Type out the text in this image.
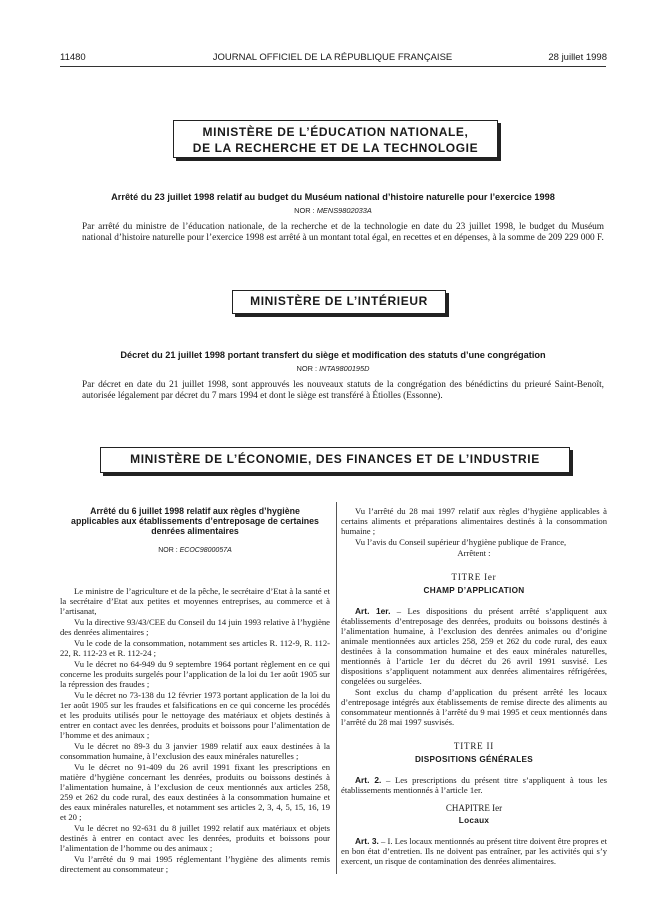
11480	JOURNAL OFFICIEL DE LA RÉPUBLIQUE FRANÇAISE	28 juillet 1998
MINISTÈRE DE L’ÉDUCATION NATIONALE,
DE LA RECHERCHE ET DE LA TECHNOLOGIE
Arrêté du 23 juillet 1998 relatif au budget du Muséum national d’histoire naturelle pour l’exercice 1998
NOR : MENS9802033A
Par arrêté du ministre de l’éducation nationale, de la recherche et de la technologie en date du 23 juillet 1998, le budget du Muséum national d’histoire naturelle pour l’exercice 1998 est arrêté à un montant total égal, en recettes et en dépenses, à la somme de 209 229 000 F.
MINISTÈRE DE L’INTÉRIEUR
Décret du 21 juillet 1998 portant transfert du siège et modification des statuts d’une congrégation
NOR : INTA9800195D
Par décret en date du 21 juillet 1998, sont approuvés les nouveaux statuts de la congrégation des bénédictins du prieuré Saint-Benoît, autorisée légalement par décret du 7 mars 1994 et dont le siège est transféré à Étiolles (Essonne).
MINISTÈRE DE L’ÉCONOMIE, DES FINANCES ET DE L’INDUSTRIE
Arrêté du 6 juillet 1998 relatif aux règles d’hygiène applicables aux établissements d’entreposage de certaines denrées alimentaires
NOR : ECOC9800057A

Le ministre de l’agriculture et de la pêche, le secrétaire d’Etat à la santé et la secrétaire d’Etat aux petites et moyennes entreprises, au commerce et à l’artisanat,

Vu la directive 93/43/CEE du Conseil du 14 juin 1993 relative à l’hygiène des denrées alimentaires ;

Vu le code de la consommation, notamment ses articles R. 112-9, R. 112-22, R. 112-23 et R. 112-24 ;

Vu le décret no 64-949 du 9 septembre 1964 portant règlement en ce qui concerne les produits surgelés pour l’application de la loi du 1er août 1905 sur la répression des fraudes ;

Vu le décret no 73-138 du 12 février 1973 portant application de la loi du 1er août 1905 sur les fraudes et falsifications en ce qui concerne les procédés et les produits utilisés pour le nettoyage des matériaux et objets destinés à entrer en contact avec les denrées, produits et boissons pour l’alimentation de l’homme et des animaux ;

Vu le décret no 89-3 du 3 janvier 1989 relatif aux eaux destinées à la consommation humaine, à l’exclusion des eaux minérales naturelles ;

Vu le décret no 91-409 du 26 avril 1991 fixant les prescriptions en matière d’hygiène concernant les denrées, produits ou boissons destinés à l’alimentation humaine, à l’exclusion de ceux mentionnés aux articles 258, 259 et 262 du code rural, des eaux destinées à la consommation humaine et des eaux minérales naturelles, et notamment ses articles 2, 3, 4, 5, 15, 16, 19 et 20 ;

Vu le décret no 92-631 du 8 juillet 1992 relatif aux matériaux et objets destinés à entrer en contact avec les denrées, produits et boissons pour l’alimentation de l’homme ou des animaux ;

Vu l’arrêté du 9 mai 1995 réglementant l’hygiène des aliments remis directement au consommateur ;

Vu l’arrêté du 28 mai 1997 relatif aux règles d’hygiène applicables à certains aliments et préparations alimentaires destinés à la consommation humaine ;

Vu l’avis du Conseil supérieur d’hygiène publique de France,

Arrêtent :

TITRE Ier

CHAMP D’APPLICATION

Art. 1er. – Les dispositions du présent arrêté s’appliquent aux établissements d’entreposage des denrées, produits ou boissons destinés à l’alimentation humaine, à l’exclusion des denrées animales ou d’origine animale mentionnées aux articles 258, 259 et 262 du code rural, des eaux destinées à la consommation humaine et des eaux minérales naturelles, mentionnés à l’article 1er du décret du 26 avril 1991 susvisé. Les dispositions s’appliquent notamment aux denrées alimentaires réfrigérées, congelées ou surgelées.

Sont exclus du champ d’application du présent arrêté les locaux d’entreposage intégrés aux établissements de remise directe des aliments au consommateur mentionnés à l’arrêté du 9 mai 1995 et ceux mentionnés dans l’arrêté du 28 mai 1997 susvisés.

TITRE II

DISPOSITIONS GÉNÉRALES

Art. 2. – Les prescriptions du présent titre s’appliquent à tous les établissements mentionnés à l’article 1er.

CHAPITRE Ier

Locaux

Art. 3. – I. Les locaux mentionnés au présent titre doivent être propres et en bon état d’entretien. Ils ne doivent pas entraîner, par les activités qui s’y exercent, un risque de contamination des denrées alimentaires.
